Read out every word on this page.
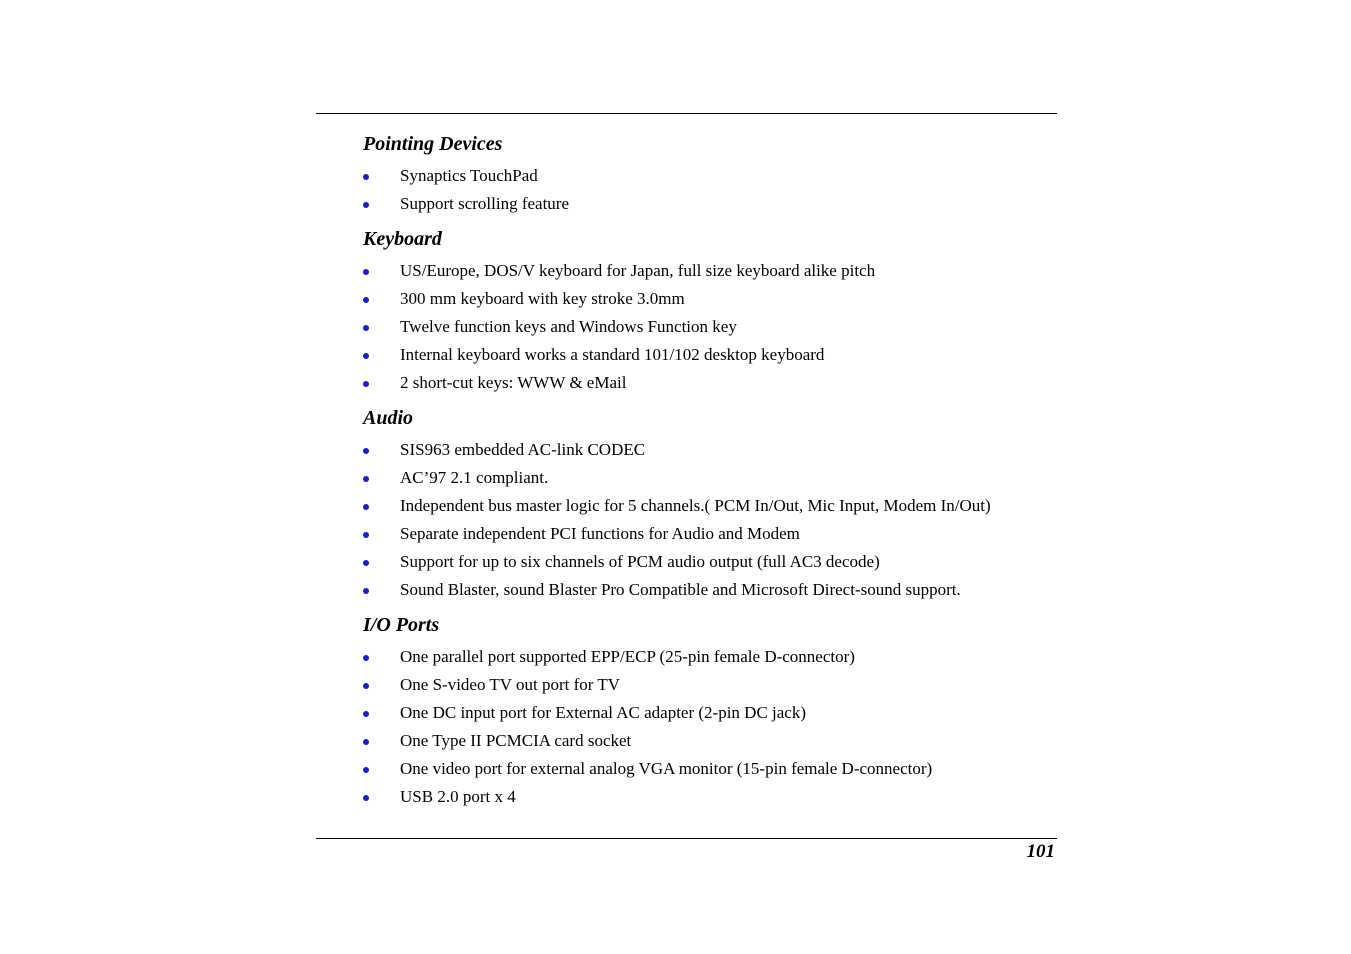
Pointing Devices
Synaptics TouchPad
Support scrolling feature
Keyboard
US/Europe, DOS/V keyboard for Japan, full size keyboard alike pitch
300 mm keyboard with key stroke 3.0mm
Twelve function keys and Windows Function key
Internal keyboard works a standard 101/102 desktop keyboard
2 short-cut keys: WWW & eMail
Audio
SIS963 embedded AC-link CODEC
AC’97 2.1 compliant.
Independent bus master logic for 5 channels.( PCM In/Out, Mic Input, Modem In/Out)
Separate independent PCI functions for Audio and Modem
Support for up to six channels of PCM audio output (full AC3 decode)
Sound Blaster, sound Blaster Pro Compatible and Microsoft Direct-sound support.
I/O Ports
One parallel port supported EPP/ECP (25-pin female D-connector)
One S-video TV out port for TV
One DC input port for External AC adapter (2-pin DC jack)
One Type II PCMCIA card socket
One video port for external analog VGA monitor (15-pin female D-connector)
USB 2.0 port x 4
101
